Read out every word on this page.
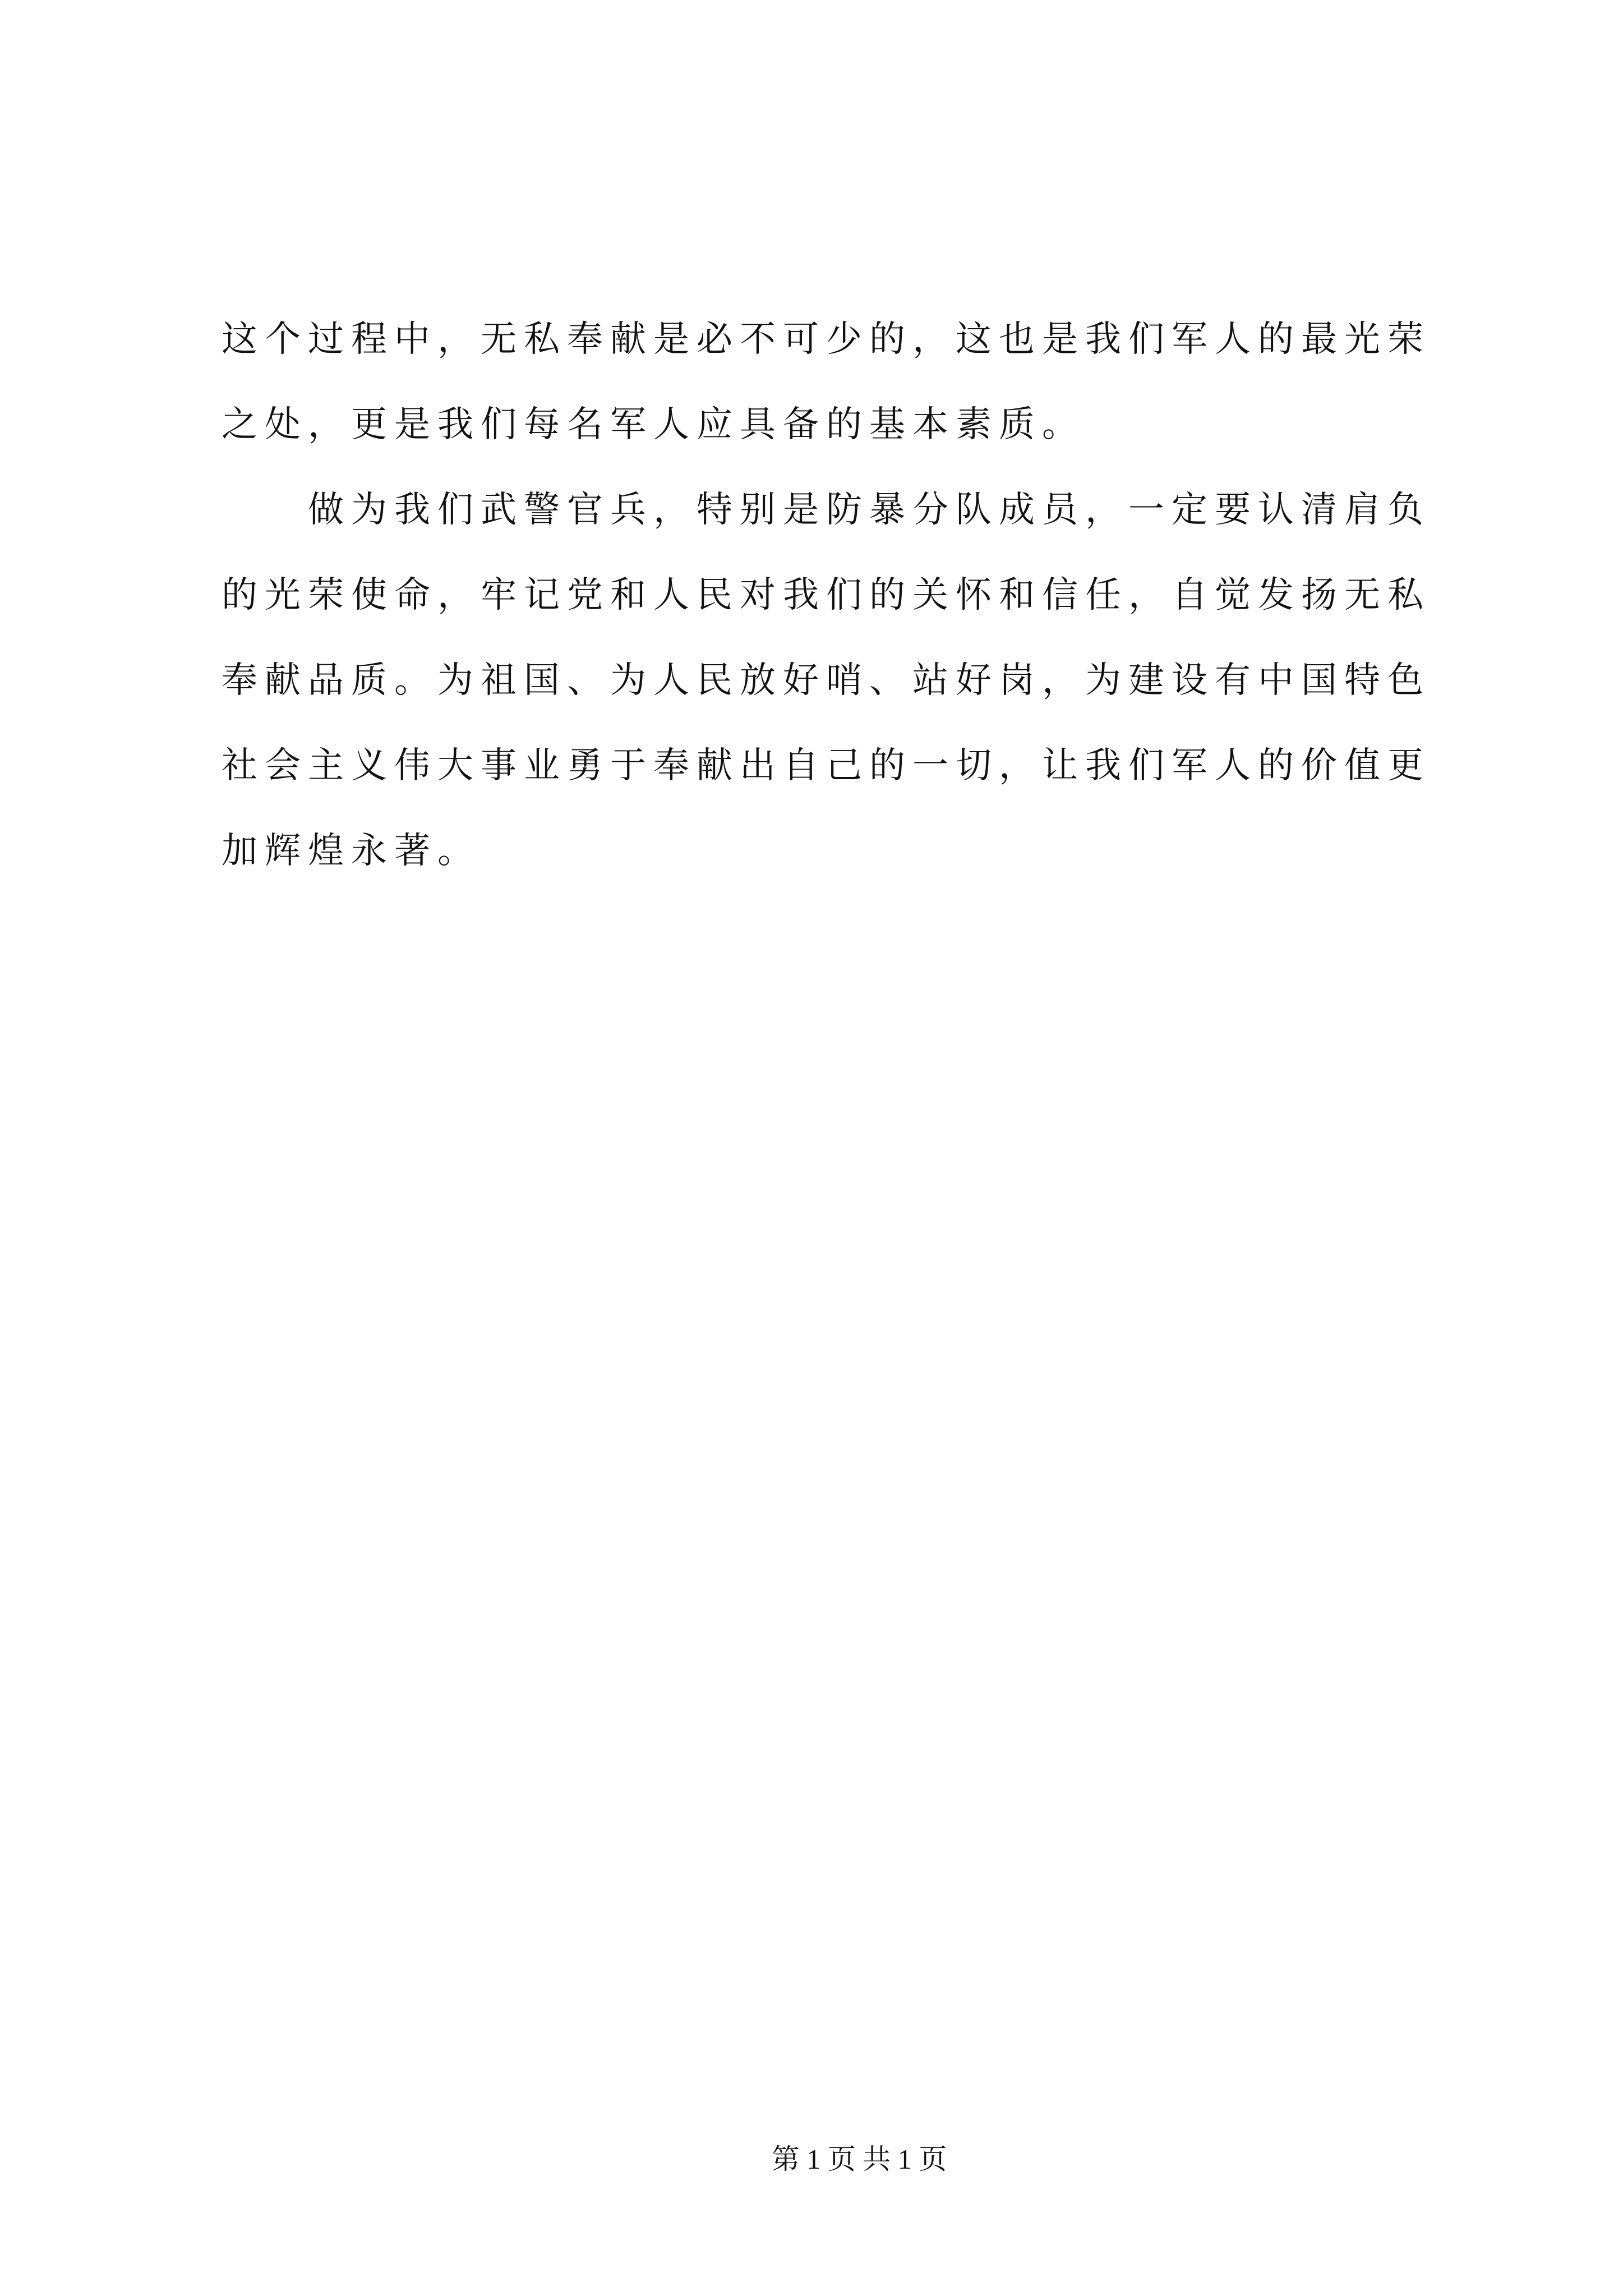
这个过程中，无私奉献是必不可少的，这也是我们军人的最光荣
之处，更是我们每名军人应具备的基本素质。
做为我们武警官兵，特别是防暴分队成员，一定要认清肩负
的光荣使命，牢记党和人民对我们的关怀和信任，自觉发扬无私
奉献品质。为祖国、为人民放好哨、站好岗，为建设有中国特色
社会主义伟大事业勇于奉献出自己的一切，让我们军人的价值更
加辉煌永著。
第 1 页 共 1 页
